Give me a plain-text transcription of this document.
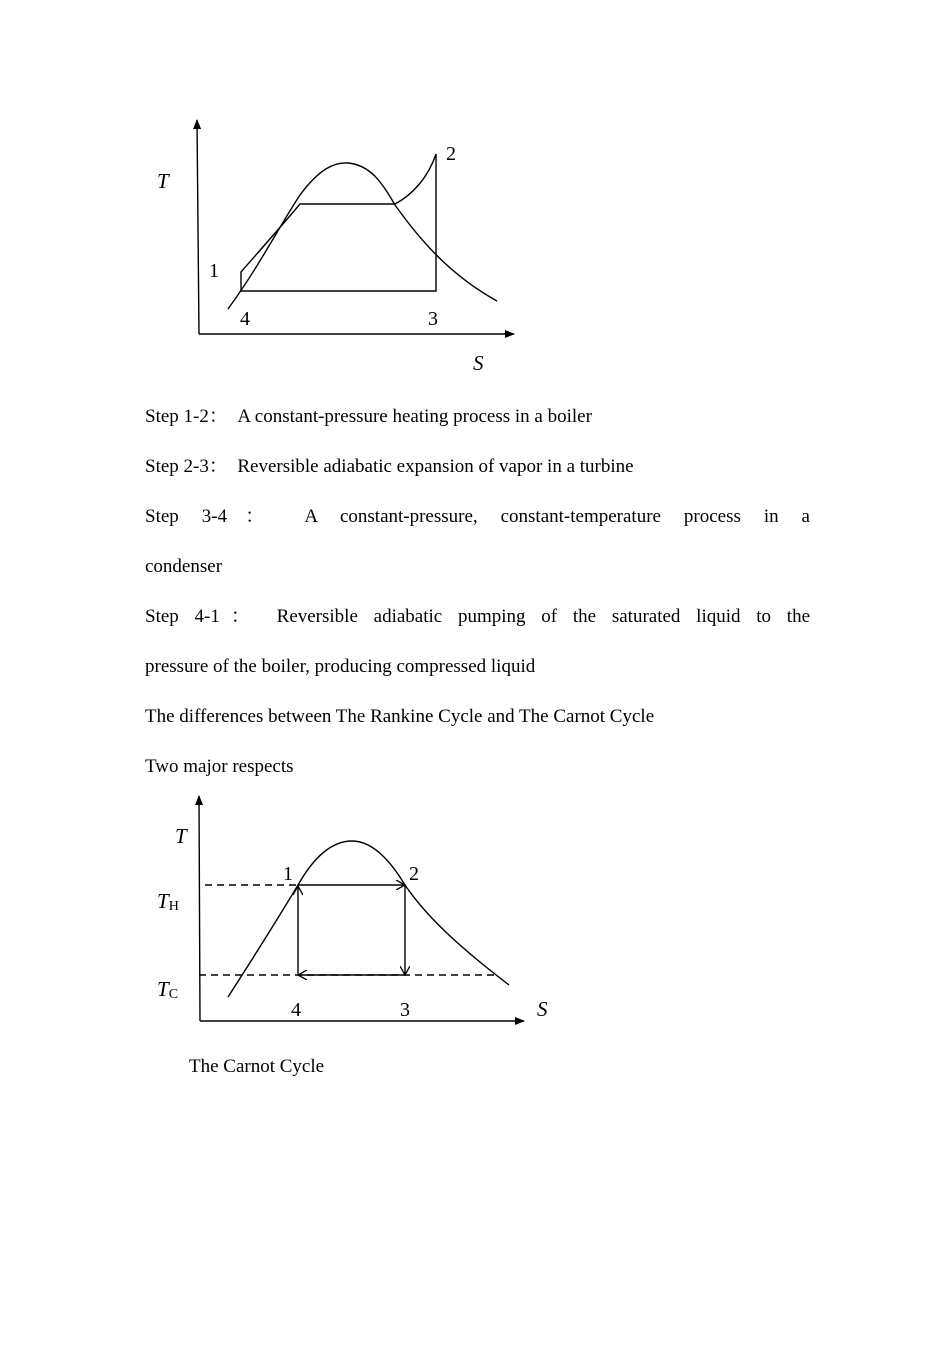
T
S
1
2
3
4
Step 1-2： A constant-pressure heating process in a boiler
Step 2-3： Reversible adiabatic expansion of vapor in a turbine
Step 3-4： A constant-pressure, constant-temperature process in a
condenser
Step 4-1： Reversible adiabatic pumping of the saturated liquid to the
pressure of the boiler, producing compressed liquid
The differences between The Rankine Cycle and The Carnot Cycle
Two major respects
T
TH
TC
S
1	2
3
4
The Carnot Cycle
